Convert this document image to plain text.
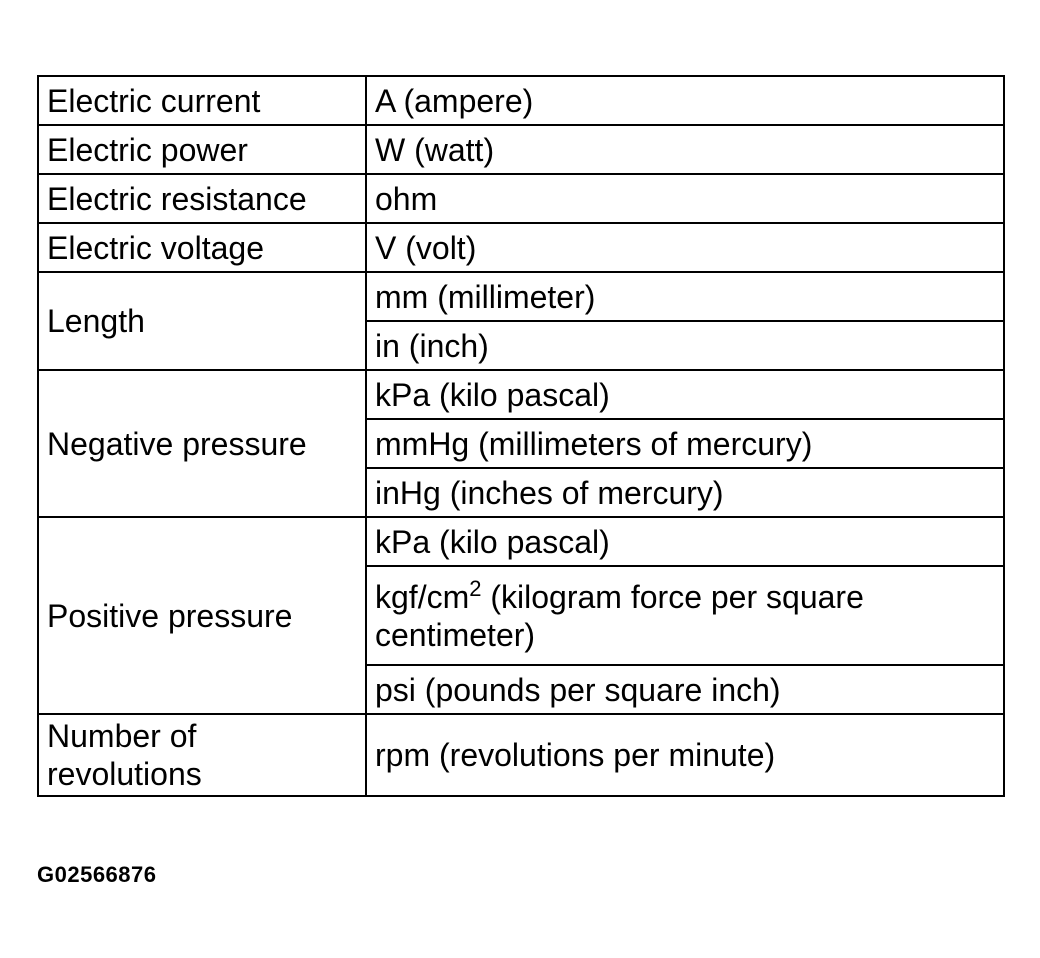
Electric current	A (ampere)
Electric power	W (watt)
Electric resistance	ohm
Electric voltage	V (volt)
Length	mm (millimeter)
	in (inch)
Negative pressure	kPa (kilo pascal)
	mmHg (millimeters of mercury)
	inHg (inches of mercury)
Positive pressure	kPa (kilo pascal)
	kgf/$cm^2$ (kilogram force per square centimeter)
	psi (pounds per square inch)
Number of revolutions	rpm (revolutions per minute)
G02566876
